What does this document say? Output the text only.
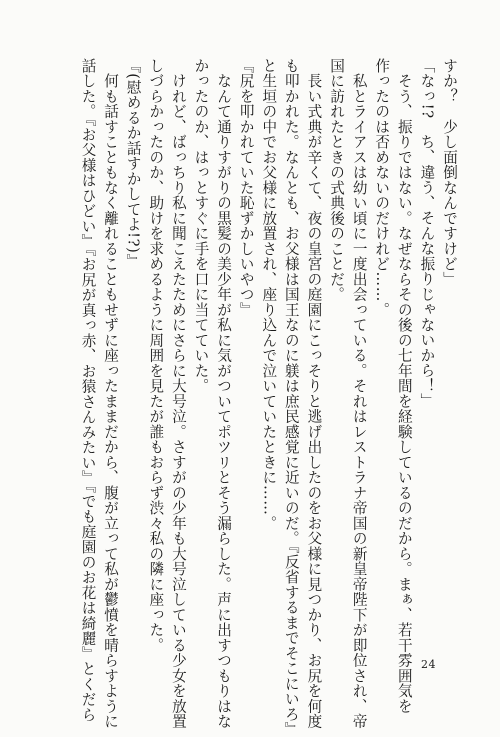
すか？　少し面倒なんですけど」
「なっ!?　ち、違う、そんな振りじゃないから！」
　そう、振りではない。なぜならその後の七年間を経験しているのだから。まぁ、若干雰囲気を
作ったのは否めないのだけれど……。
　私とライアスは幼い頃に一度出会っている。それはレストラナ帝国の新皇帝陛下が即位され、帝
国に訪れたときの式典後のことだ。
　長い式典が辛くて、夜の皇宮の庭園にこっそりと逃げ出したのをお父様に見つかり、お尻を何度
も叩かれた。なんとも、お父様は国王なのに躾は庶民感覚に近いのだ。『反省するまでそこにいろ』
と生垣の中でお父様に放置され、座り込んで泣いていたときに……。
『尻を叩かれていた恥ずかしいやつ』
　なんて通りすがりの黒髪の美少年が私に気がついてポツリとそう漏らした。声に出すつもりはな
かったのか、はっとすぐに手を口に当てていた。
　けれど、ばっちり私に聞こえたためにさらに大号泣。さすがの少年も大号泣している少女を放置
しづらかったのか、助けを求めるように周囲を見たが誰もおらず渋々私の隣に座った。
『(慰めるか話すかしてよ!?)』
　何も話すこともなく離れることもせずに座ったままだから、腹が立って私が鬱憤を晴らすように
話した。『お父様はひどい』『お尻が真っ赤、お猿さんみたい』『でも庭園のお花は綺麗』とくだら	24
